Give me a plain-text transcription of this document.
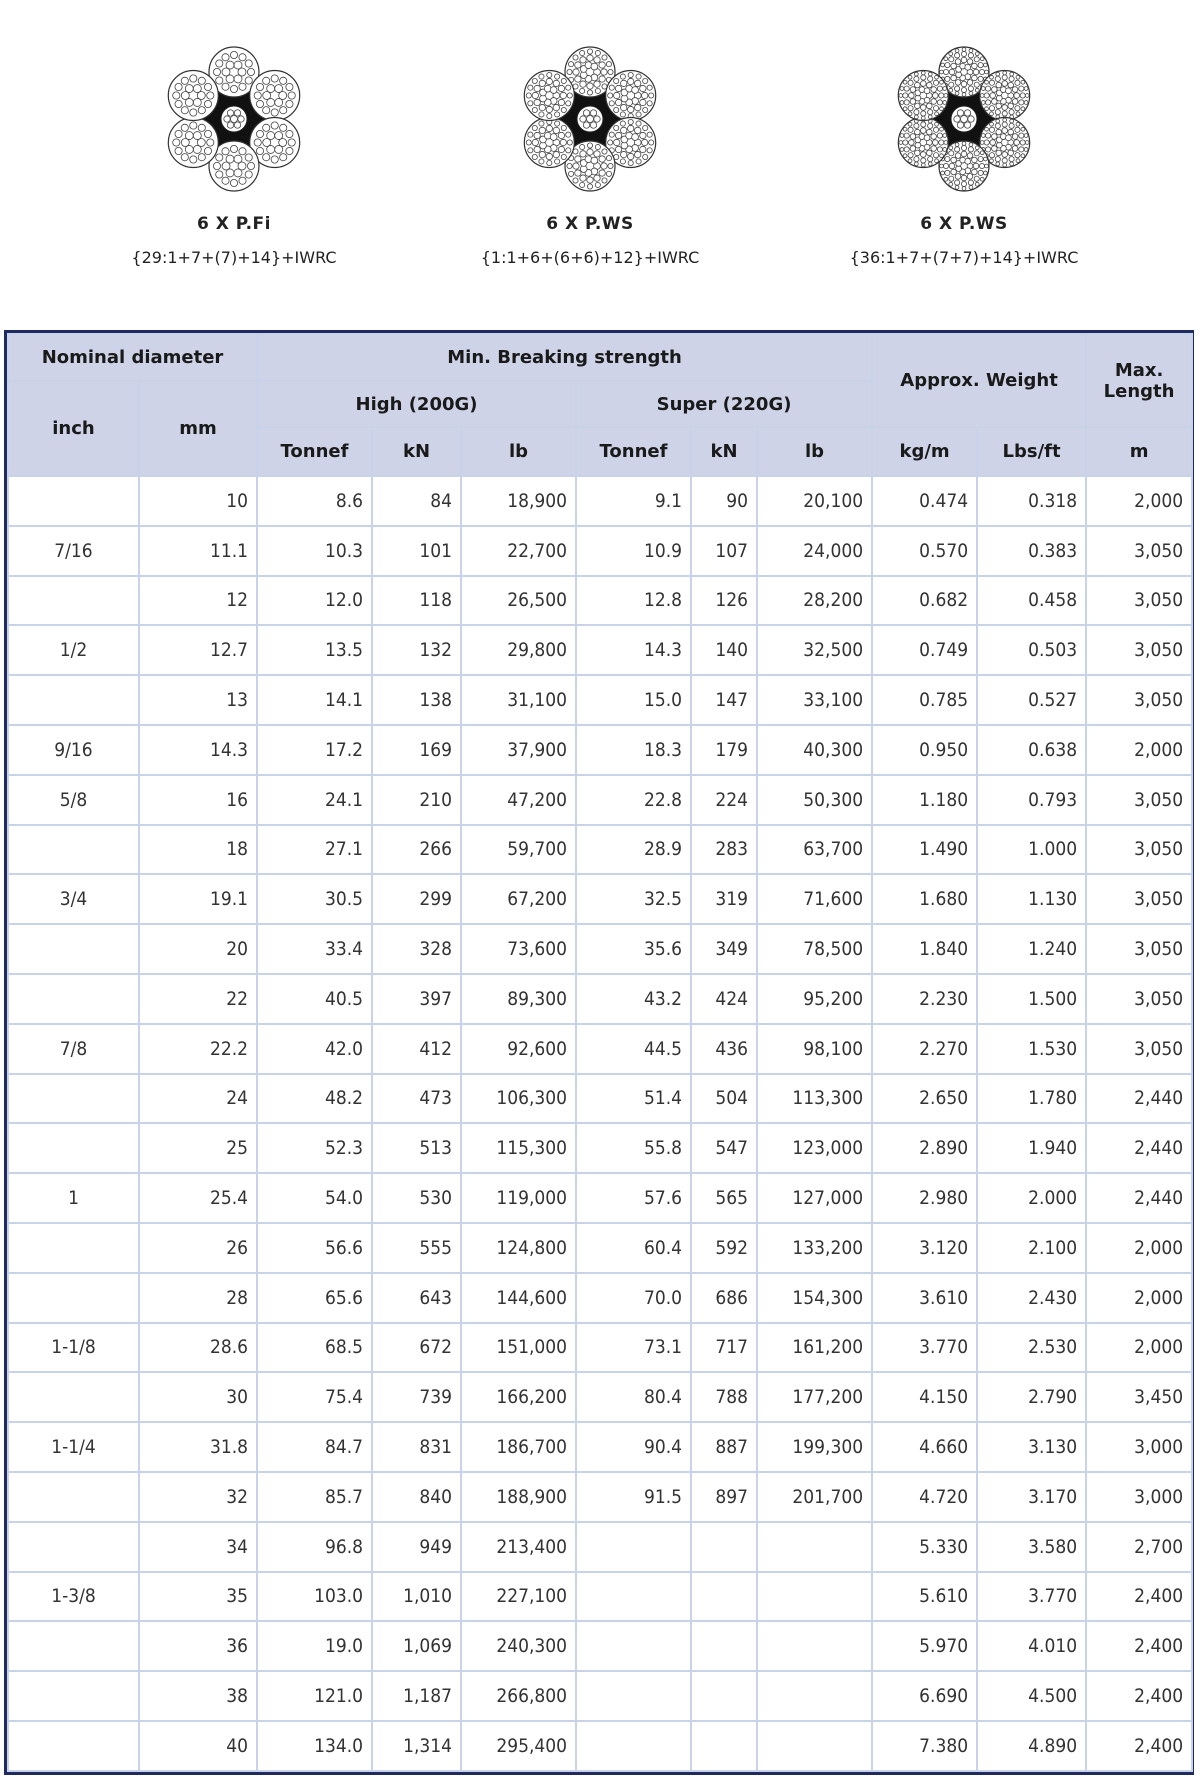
6 X P.Fi
{29:1+7+(7)+14}+IWRC
6 X P.WS
{1:1+6+(6+6)+12}+IWRC
6 X P.WS
{36:1+7+(7+7)+14}+IWRC
Nominal diameter		Min. Breaking strength						Approx. Weight		Max. Length
inch	mm	High (200G)			Super (220G)					
		Tonnef	kN	lb	Tonnef	kN	lb	kg/m	Lbs/ft	m
	10	8.6	84	18,900	9.1	90	20,100	0.474	0.318	2,000
7/16	11.1	10.3	101	22,700	10.9	107	24,000	0.570	0.383	3,050
	12	12.0	118	26,500	12.8	126	28,200	0.682	0.458	3,050
1/2	12.7	13.5	132	29,800	14.3	140	32,500	0.749	0.503	3,050
	13	14.1	138	31,100	15.0	147	33,100	0.785	0.527	3,050
9/16	14.3	17.2	169	37,900	18.3	179	40,300	0.950	0.638	2,000
5/8	16	24.1	210	47,200	22.8	224	50,300	1.180	0.793	3,050
	18	27.1	266	59,700	28.9	283	63,700	1.490	1.000	3,050
3/4	19.1	30.5	299	67,200	32.5	319	71,600	1.680	1.130	3,050
	20	33.4	328	73,600	35.6	349	78,500	1.840	1.240	3,050
	22	40.5	397	89,300	43.2	424	95,200	2.230	1.500	3,050
7/8	22.2	42.0	412	92,600	44.5	436	98,100	2.270	1.530	3,050
	24	48.2	473	106,300	51.4	504	113,300	2.650	1.780	2,440
	25	52.3	513	115,300	55.8	547	123,000	2.890	1.940	2,440
1	25.4	54.0	530	119,000	57.6	565	127,000	2.980	2.000	2,440
	26	56.6	555	124,800	60.4	592	133,200	3.120	2.100	2,000
	28	65.6	643	144,600	70.0	686	154,300	3.610	2.430	2,000
1-1/8	28.6	68.5	672	151,000	73.1	717	161,200	3.770	2.530	2,000
	30	75.4	739	166,200	80.4	788	177,200	4.150	2.790	3,450
1-1/4	31.8	84.7	831	186,700	90.4	887	199,300	4.660	3.130	3,000
	32	85.7	840	188,900	91.5	897	201,700	4.720	3.170	3,000
	34	96.8	949	213,400				5.330	3.580	2,700
1-3/8	35	103.0	1,010	227,100				5.610	3.770	2,400
	36	19.0	1,069	240,300				5.970	4.010	2,400
	38	121.0	1,187	266,800				6.690	4.500	2,400
	40	134.0	1,314	295,400				7.380	4.890	2,400
